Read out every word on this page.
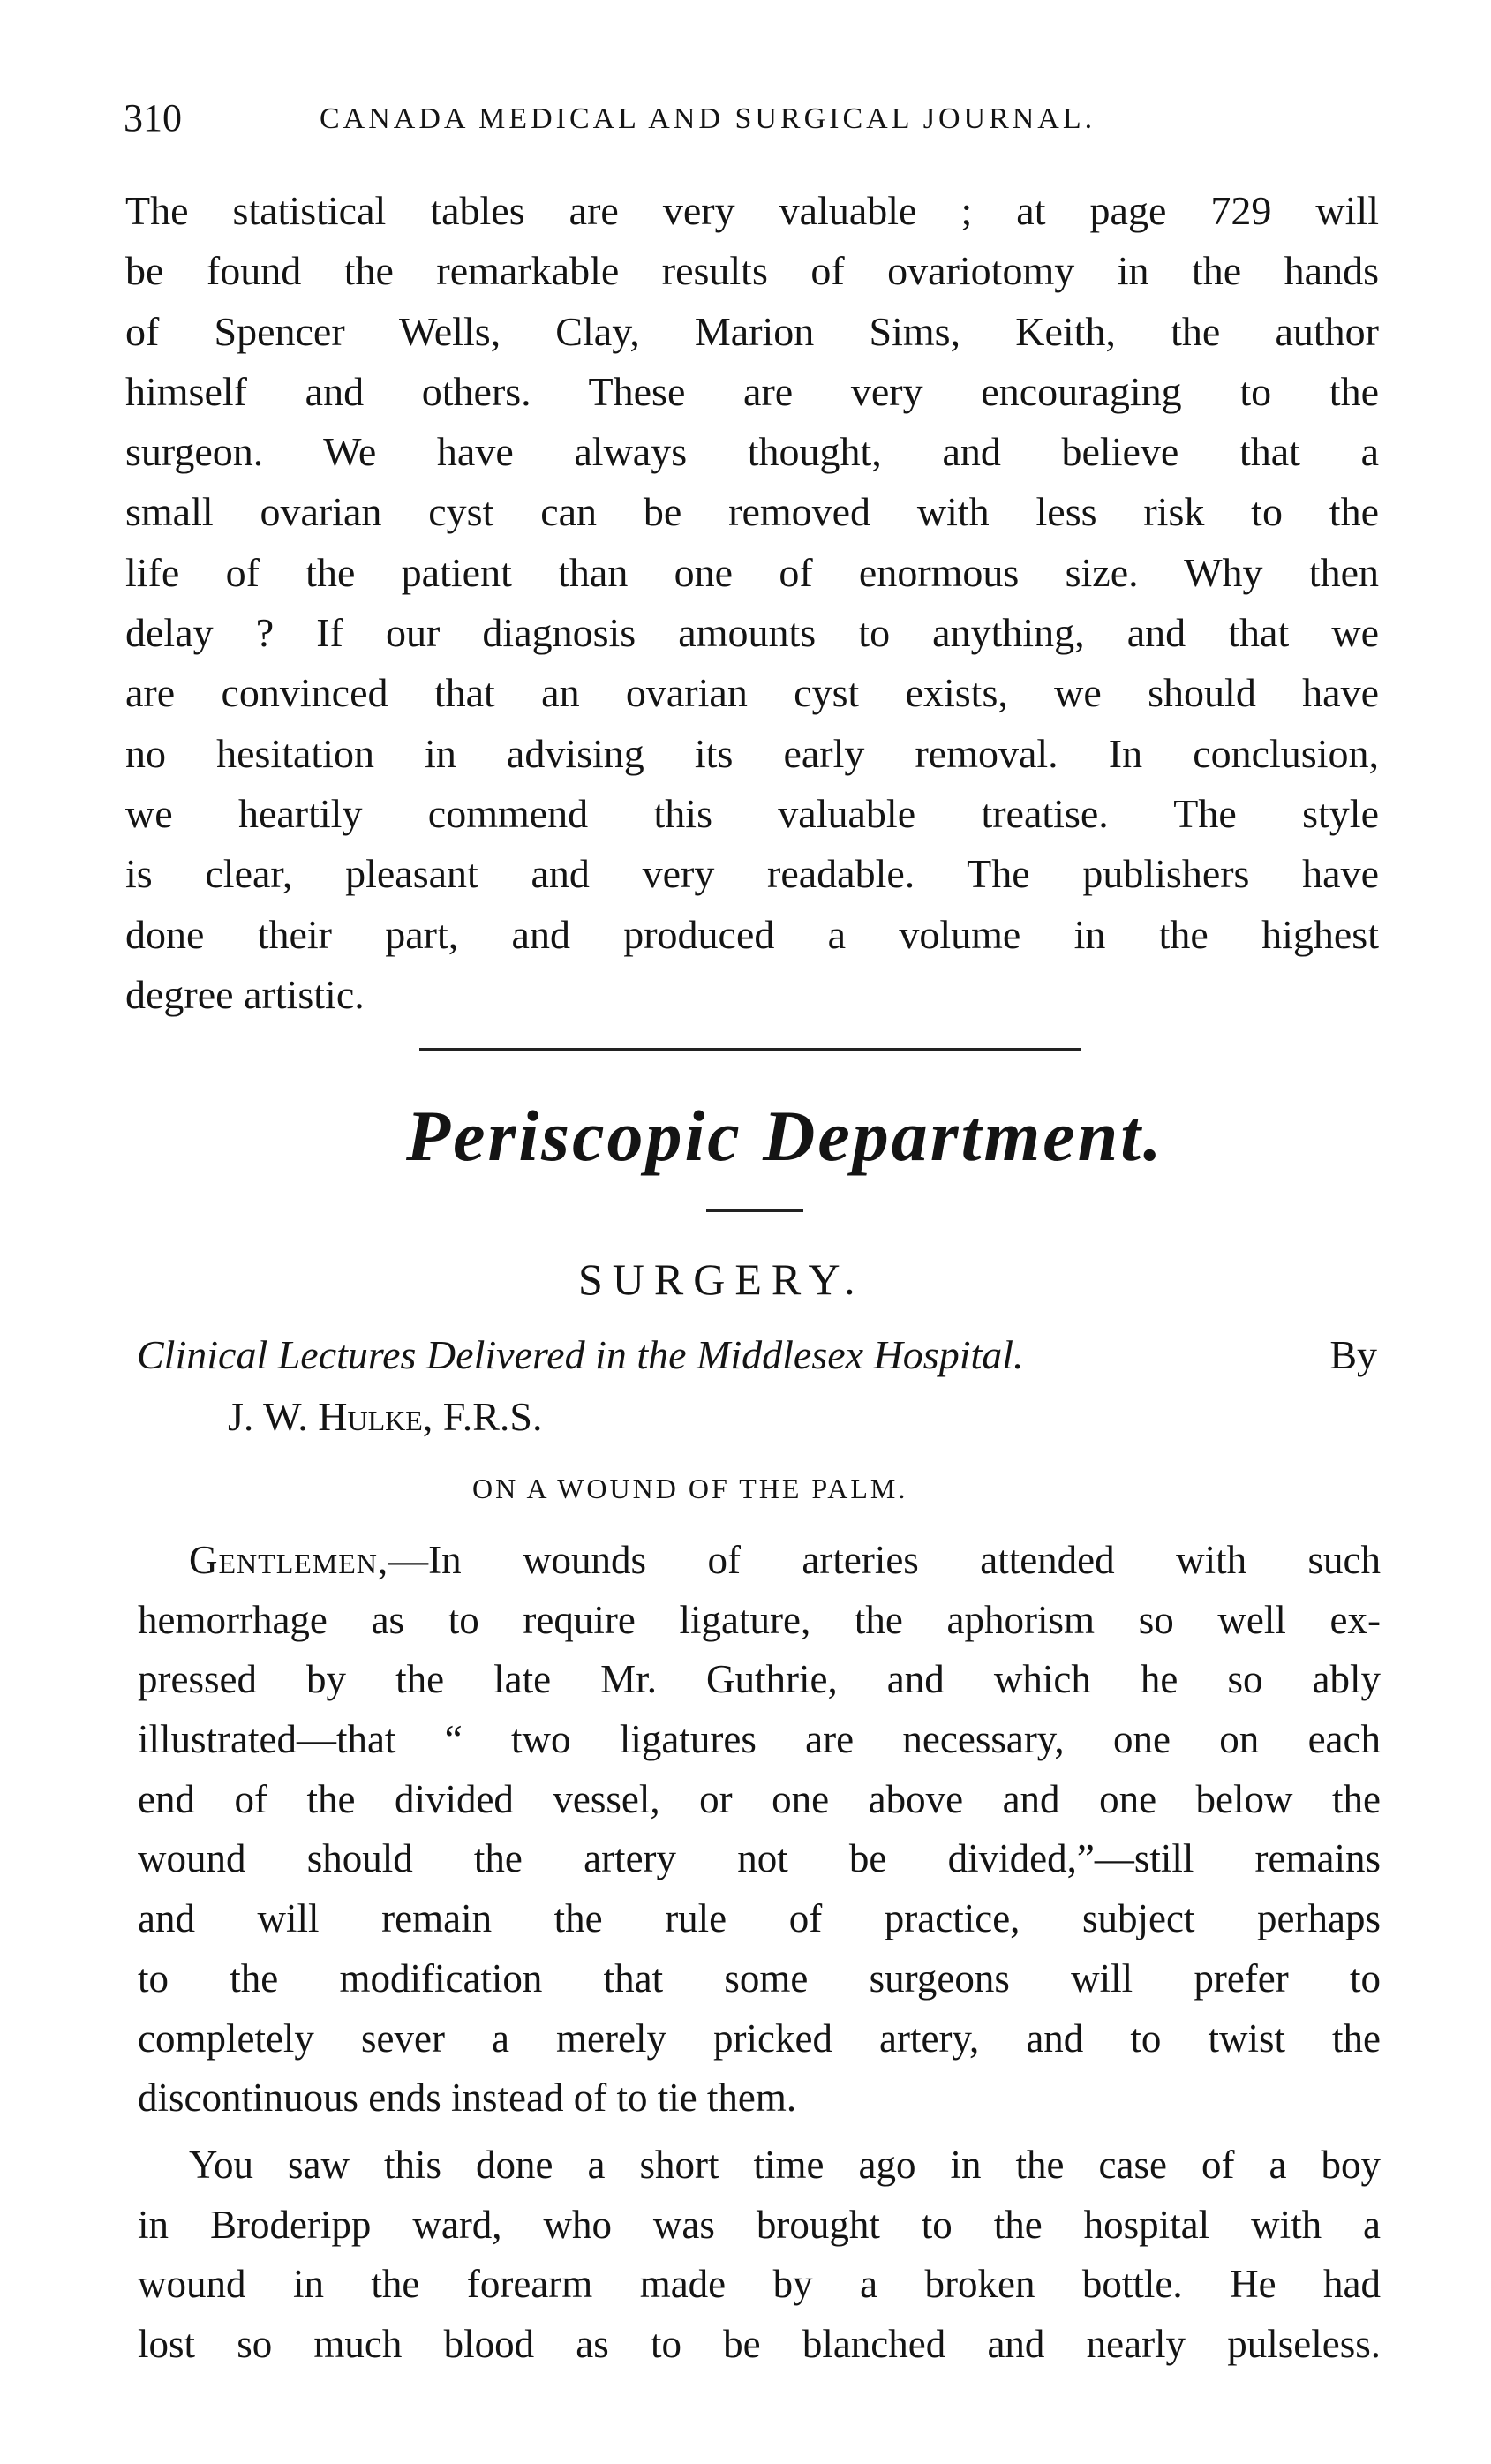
310	CANADA MEDICAL AND SURGICAL JOURNAL.
The statistical tables are very valuable ; at page 729 will
be found the remarkable results of ovariotomy in the hands
of Spencer Wells, Clay, Marion Sims, Keith, the author
himself and others. These are very encouraging to the
surgeon. We have always thought, and believe that a
small ovarian cyst can be removed with less risk to the
life of the patient than one of enormous size. Why then
delay ? If our diagnosis amounts to anything, and that we
are convinced that an ovarian cyst exists, we should have
no hesitation in advising its early removal. In conclusion,
we heartily commend this valuable treatise. The style
is clear, pleasant and very readable. The publishers have
done their part, and produced a volume in the highest
degree artistic.
Periscopic Department.
SURGERY.
Clinical Lectures Delivered in the Middlesex Hospital.	By
J. W. Hulke, F.R.S.
ON A WOUND OF THE PALM.
Gentlemen,—In wounds of arteries attended with such
hemorrhage as to require ligature, the aphorism so well ex-
pressed by the late Mr. Guthrie, and which he so ably
illustrated—that “ two ligatures are necessary, one on each
end of the divided vessel, or one above and one below the
wound should the artery not be divided,”—still remains
and will remain the rule of practice, subject perhaps
to the modification that some surgeons will prefer to
completely sever a merely pricked artery, and to twist the
discontinuous ends instead of to tie them.
You saw this done a short time ago in the case of a boy
in Broderipp ward, who was brought to the hospital with a
wound in the forearm made by a broken bottle. He had
lost so much blood as to be blanched and nearly pulseless.
